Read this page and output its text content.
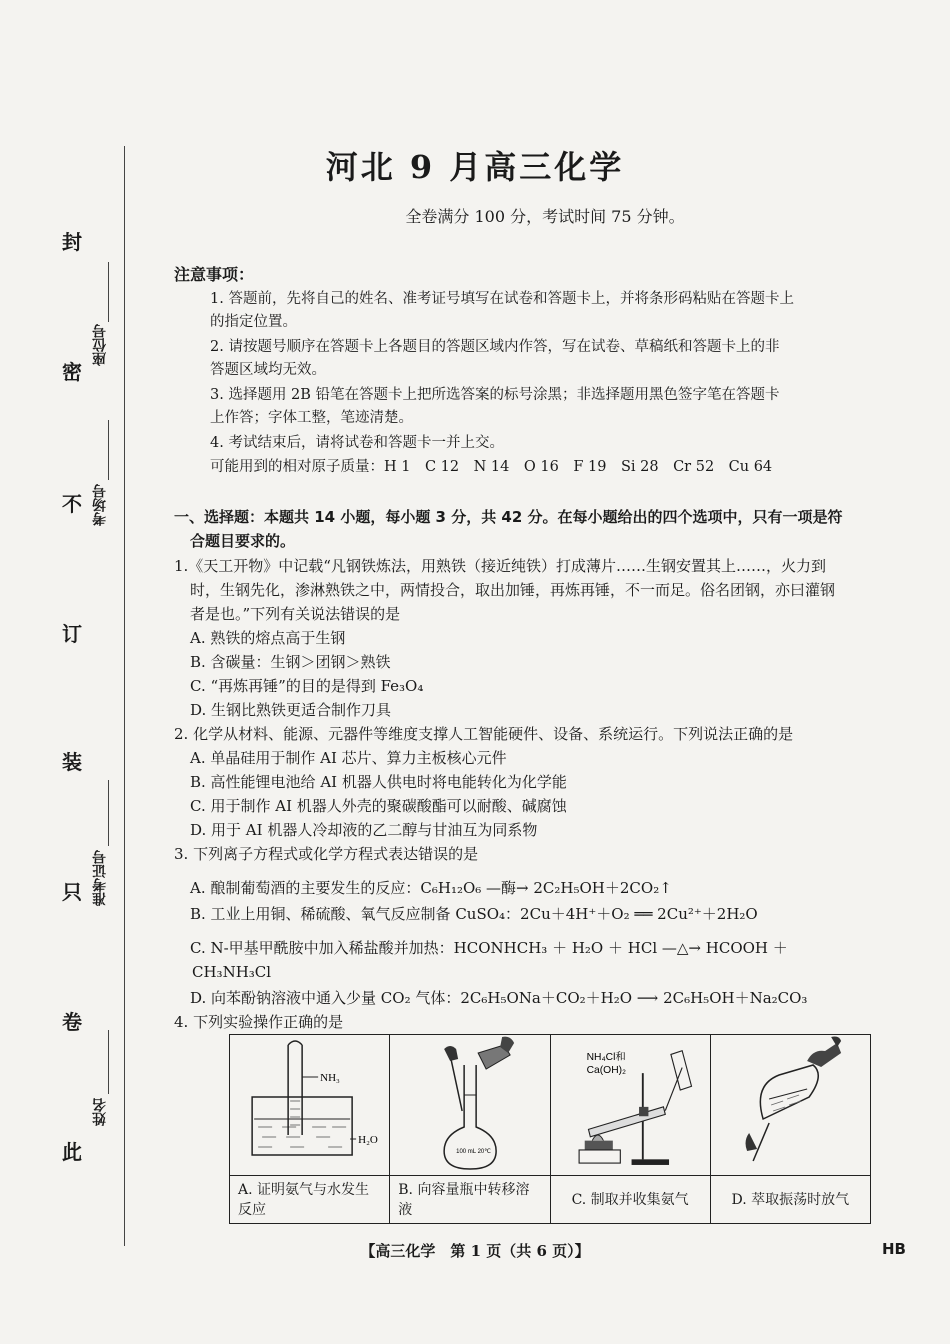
封
密
不
订
装
只
卷
此
座位号
考场号
准考证号
姓名
河北 9 月高三化学
全卷满分 100 分，考试时间 75 分钟。
注意事项：
1. 答题前，先将自己的姓名、准考证号填写在试卷和答题卡上，并将条形码粘贴在答题卡上
的指定位置。
2. 请按题号顺序在答题卡上各题目的答题区域内作答，写在试卷、草稿纸和答题卡上的非
答题区域均无效。
3. 选择题用 2B 铅笔在答题卡上把所选答案的标号涂黑；非选择题用黑色签字笔在答题卡
上作答；字体工整，笔迹清楚。
4. 考试结束后，请将试卷和答题卡一并上交。
可能用到的相对原子质量：H 1　C 12　N 14　O 16　F 19　Si 28　Cr 52　Cu 64
一、选择题：本题共 14 小题，每小题 3 分，共 42 分。在每小题给出的四个选项中，只有一项是符
合题目要求的。
1.《天工开物》中记载“凡钢铁炼法，用熟铁（接近纯铁）打成薄片……生钢安置其上……，火力到
时，生钢先化，渗淋熟铁之中，两情投合，取出加锤，再炼再锤，不一而足。俗名团钢，亦曰灌钢
者是也。”下列有关说法错误的是
A. 熟铁的熔点高于生钢
B. 含碳量：生钢＞团钢＞熟铁
C. “再炼再锤”的目的是得到 Fe₃O₄
D. 生钢比熟铁更适合制作刀具
2. 化学从材料、能源、元器件等维度支撑人工智能硬件、设备、系统运行。下列说法正确的是
A. 单晶硅用于制作 AI 芯片、算力主板核心元件
B. 高性能锂电池给 AI 机器人供电时将电能转化为化学能
C. 用于制作 AI 机器人外壳的聚碳酸酯可以耐酸、碱腐蚀
D. 用于 AI 机器人冷却液的乙二醇与甘油互为同系物
3. 下列离子方程式或化学方程式表达错误的是
A. 酿制葡萄酒的主要发生的反应：C₆H₁₂O₆ —酶→ 2C₂H₅OH＋2CO₂↑
B. 工业上用铜、稀硫酸、氧气反应制备 CuSO₄：2Cu＋4H⁺＋O₂ ══ 2Cu²⁺＋2H₂O
C. N-甲基甲酰胺中加入稀盐酸并加热：HCONHCH₃ ＋ H₂O ＋ HCl —△→ HCOOH ＋
CH₃NH₃Cl
D. 向苯酚钠溶液中通入少量 CO₂ 气体：2C₆H₅ONa＋CO₂＋H₂O ⟶ 2C₆H₅OH＋Na₂CO₃
4. 下列实验操作正确的是
NH₃
H₂O
A. 证明氨气与水发生反应
100 mL 20℃
B. 向容量瓶中转移溶液
NH₄Cl和
Ca(OH)₂
C. 制取并收集氨气	D. 萃取振荡时放气
【高三化学　第 1 页（共 6 页）】	HB
